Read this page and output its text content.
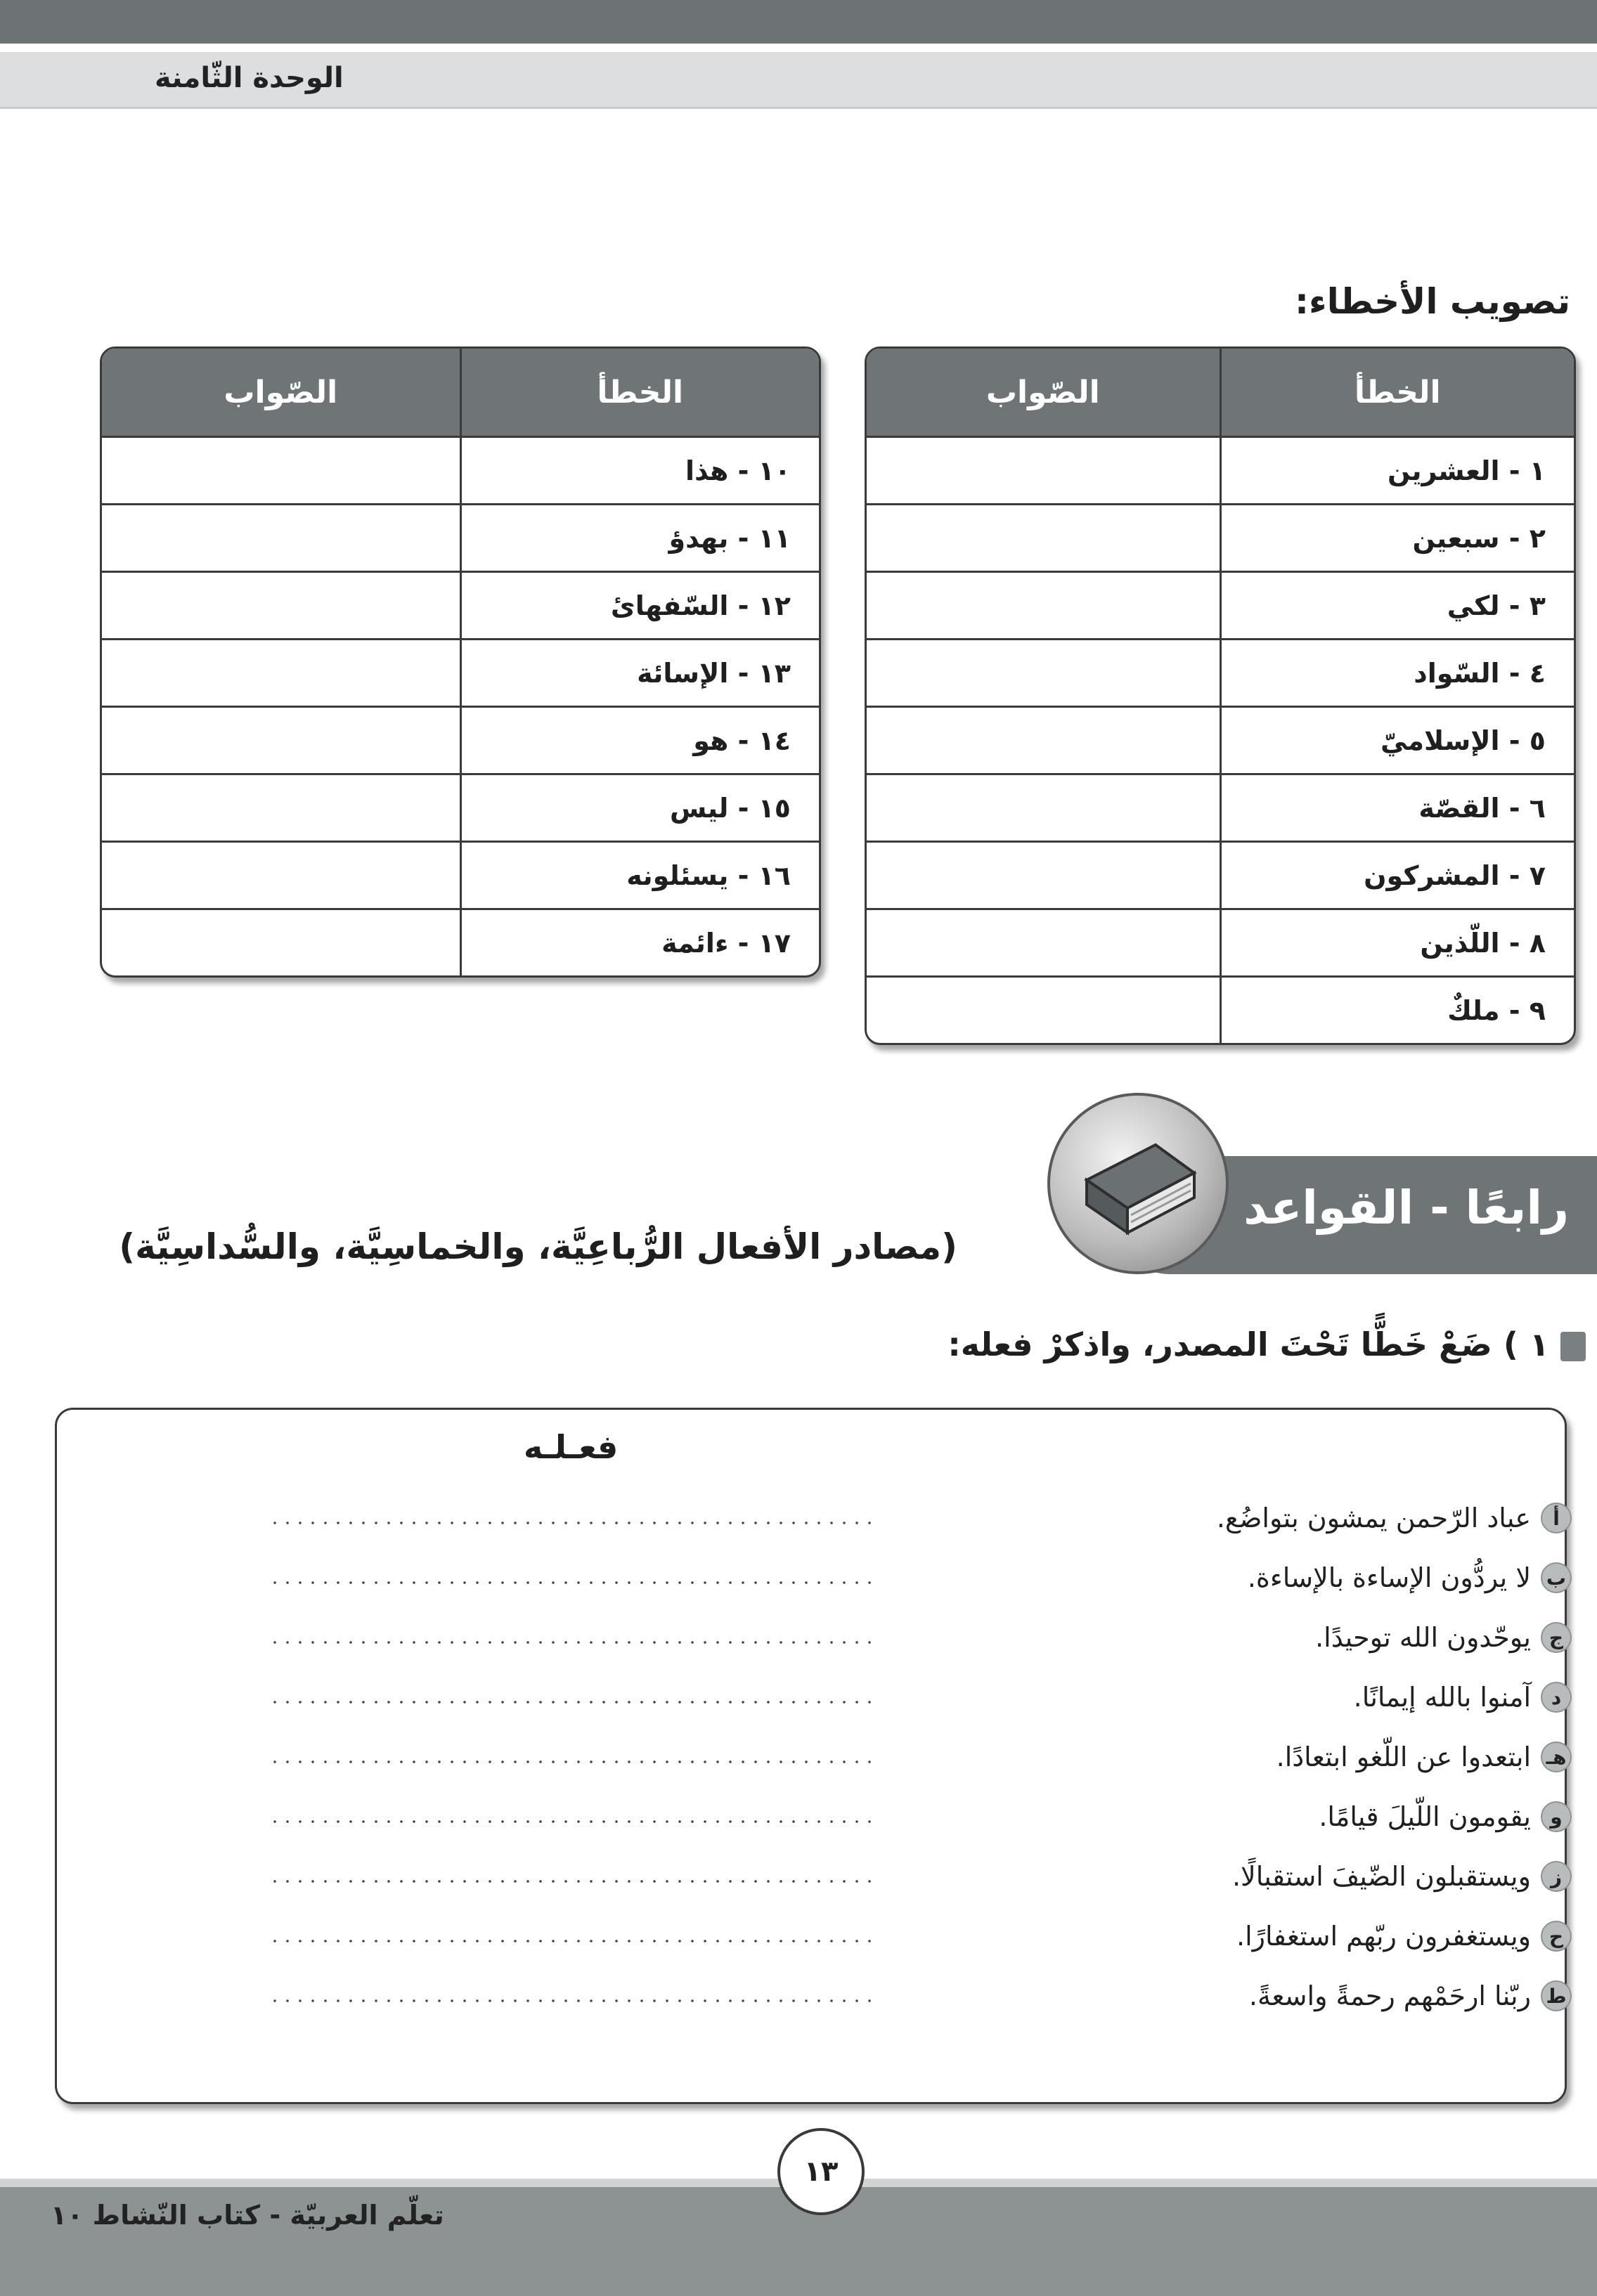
الوحدة الثّامنة
تصويب الأخطاء:
الخطأ
الصّواب
١ - العشرين
٢ - سبعين
٣ - لكي
٤ - السّواد
٥ - الإسلاميّ
٦ - القصّة
٧ - المشركون
٨ - اللّذين
٩ - ملكٌ
الخطأ
الصّواب
١٠ - هذا
١١ - بهدؤ
١٢ - السّفهاىٔ
١٣ - الإسائة
١٤ - هو
١٥ - ليس
١٦ - يسئلونه
١٧ - ءائمة
رابعًا - القواعد
(مصادر الأفعال الرُّباعِيَّة، والخماسِيَّة، والسُّداسِيَّة)
١ ) ضَعْ خَطًّا تَحْتَ المصدر، واذكرْ فعله:
فعـلـه
أ
عباد الرّحمن يمشون بتواضُع.
ب
لا يردُّون الإساءة بالإساءة.
ج
يوحّدون الله توحيدًا.
د
آمنوا بالله إيمانًا.
هـ
ابتعدوا عن اللّغو ابتعادًا.
و
يقومون اللّيلَ قيامًا.
ز
ويستقبلون الضّيفَ استقبالًا.
ح
ويستغفرون ربّهم استغفارًا.
ط
ربّنا ارحَمْهم رحمةً واسعةً.
١٣
تعلّم العربيّة - كتاب النّشاط ١٠
